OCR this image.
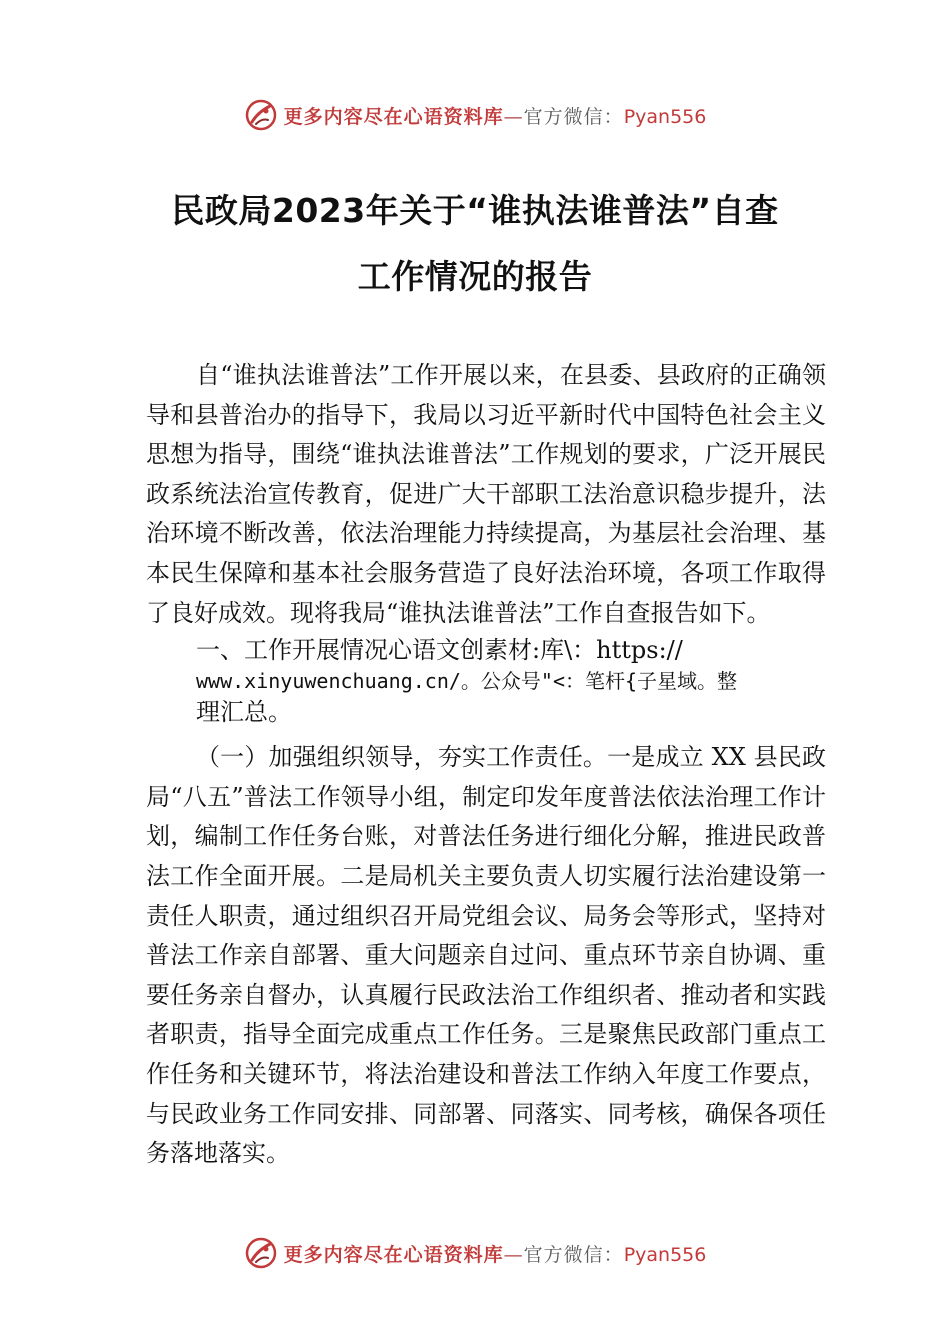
更多内容尽在心语资料库—官方微信：Pyan556
民政局2023年关于“谁执法谁普法”自查
工作情况的报告

自“谁执法谁普法”工作开展以来，在县委、县政府的正确领导和县普治办的指导下，我局以习近平新时代中国特色社会主义思想为指导，围绕“谁执法谁普法”工作规划的要求，广泛开展民政系统法治宣传教育，促进广大干部职工法治意识稳步提升，法治环境不断改善，依法治理能力持续提高，为基层社会治理、基本民生保障和基本社会服务营造了良好法治环境，各项工作取得了良好成效。现将我局“谁执法谁普法”工作自查报告如下。

一、工作开展情况心语文创素材:库\：https://
www.xinyuwenchuang.cn/。公众号"<：笔杆{子星域。整
理汇总。

（一）加强组织领导，夯实工作责任。一是成立 XX 县民政局“八五”普法工作领导小组，制定印发年度普法依法治理工作计划，编制工作任务台账，对普法任务进行细化分解，推进民政普法工作全面开展。二是局机关主要负责人切实履行法治建设第一责任人职责，通过组织召开局党组会议、局务会等形式，坚持对普法工作亲自部署、重大问题亲自过问、重点环节亲自协调、重要任务亲自督办，认真履行民政法治工作组织者、推动者和实践者职责，指导全面完成重点工作任务。三是聚焦民政部门重点工作任务和关键环节，将法治建设和普法工作纳入年度工作要点，与民政业务工作同安排、同部署、同落实、同考核，确保各项任务落地落实。

更多内容尽在心语资料库—官方微信：Pyan556
